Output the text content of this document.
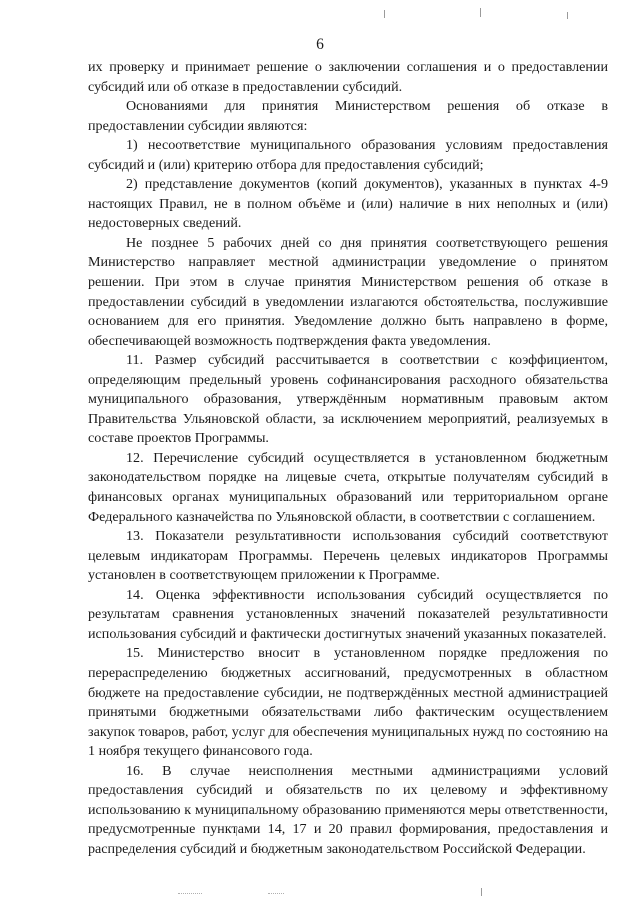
6

их проверку и принимает решение о заключении соглашения и о предоставлении субсидий или об отказе в предоставлении субсидий.

Основаниями для принятия Министерством решения об отказе в предоставлении субсидии являются:

1) несоответствие муниципального образования условиям предоставления субсидий и (или) критерию отбора для предоставления субсидий;

2) представление документов (копий документов), указанных в пунктах 4-9 настоящих Правил, не в полном объёме и (или) наличие в них неполных и (или) недостоверных сведений.

Не позднее 5 рабочих дней со дня принятия соответствующего решения Министерство направляет местной администрации уведомление о принятом решении. При этом в случае принятия Министерством решения об отказе в предоставлении субсидий в уведомлении излагаются обстоятельства, послужившие основанием для его принятия. Уведомление должно быть направлено в форме, обеспечивающей возможность подтверждения факта уведомления.

11. Размер субсидий рассчитывается в соответствии с коэффициентом, определяющим предельный уровень софинансирования расходного обязательства муниципального образования, утверждённым нормативным правовым актом Правительства Ульяновской области, за исключением мероприятий, реализуемых в составе проектов Программы.

12. Перечисление субсидий осуществляется в установленном бюджетным законодательством порядке на лицевые счета, открытые получателям субсидий в финансовых органах муниципальных образований или территориальном органе Федерального казначейства по Ульяновской области, в соответствии с соглашением.

13. Показатели результативности использования субсидий соответствуют целевым индикаторам Программы. Перечень целевых индикаторов Программы установлен в соответствующем приложении к Программе.

14. Оценка эффективности использования субсидий осуществляется по результатам сравнения установленных значений показателей результативности использования субсидий и фактически достигнутых значений указанных показателей.

15. Министерство вносит в установленном порядке предложения по перераспределению бюджетных ассигнований, предусмотренных в областном бюджете на предоставление субсидии, не подтверждённых местной администрацией принятыми бюджетными обязательствами либо фактическим осуществлением закупок товаров, работ, услуг для обеспечения муниципальных нужд по состоянию на 1 ноября текущего финансового года.

16. В случае неисполнения местными администрациями условий предоставления субсидий и обязательств по их целевому и эффективному использованию к муниципальному образованию применяются меры ответственности, предусмотренные пунктами 14, 17 и 20 правил формирования, предоставления и распределения субсидий и бюджетным законодательством Российской Федерации.
